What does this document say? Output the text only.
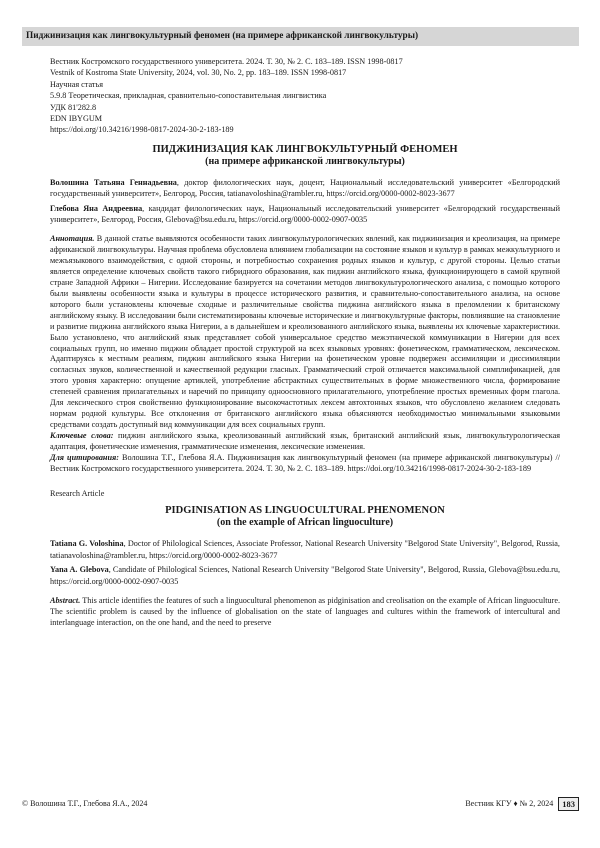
Пиджинизация как лингвокультурный феномен (на примере африканской лингвокультуры)
Вестник Костромского государственного университета. 2024. Т. 30, № 2. С. 183–189. ISSN 1998-0817
Vestnik of Kostroma State University, 2024, vol. 30, No. 2, pp. 183–189. ISSN 1998-0817
Научная статья
5.9.8 Теоретическая, прикладная, сравнительно-сопоставительная лингвистика
УДК 81'282.8
EDN IBYGUM
https://doi.org/10.34216/1998-0817-2024-30-2-183-189
ПИДЖИНИЗАЦИЯ КАК ЛИНГВОКУЛЬТУРНЫЙ ФЕНОМЕН
(на примере африканской лингвокультуры)
Волошина Татьяна Геннадьевна, доктор филологических наук, доцент, Национальный исследовательский университет «Белгородский государственный университет», Белгород, Россия, tatianavoloshina@rambler.ru, https://orcid.org/0000-0002-8023-3677
Глебова Яна Андреевна, кандидат филологических наук, Национальный исследовательский университет «Белгородский государственный университет», Белгород, Россия, Glebova@bsu.edu.ru, https://orcid.org/0000-0002-0907-0035
Аннотация. В данной статье выявляются особенности таких лингвокультурологических явлений, как пиджинизация и креолизация, на примере африканской лингвокультуры. Научная проблема обусловлена влиянием глобализации на состояние языков и культур в рамках межкультурного и межъязыкового взаимодействия, с одной стороны, и потребностью сохранения родных языков и культур, с другой стороны. Целью статьи является определение ключевых свойств такого гибридного образования, как пиджин английского языка, функционирующего в самой крупной стране Западной Африки – Нигерии. Исследование базируется на сочетании методов лингвокультурологического анализа, с помощью которого были выявлены особенности языка и культуры в процессе исторического развития, и сравнительно-сопоставительного анализа, на основе которого были установлены ключевые сходные и различительные свойства пиджина английского языка в преломлении к британскому английскому языку. В исследовании были систематизированы ключевые исторические и лингвокультурные факторы, повлиявшие на становление и развитие пиджина английского языка Нигерии, а в дальнейшем и креолизованного английского языка, выявлены их ключевые характеристики. Было установлено, что английский язык представляет собой универсальное средство межэтнической коммуникации в Нигерии для всех социальных групп, но именно пиджин обладает простой структурой на всех языковых уровнях: фонетическом, грамматическом, лексическом. Адаптируясь к местным реалиям, пиджин английского языка Нигерии на фонетическом уровне подвержен ассимиляции и диссимиляции согласных звуков, количественной и качественной редукции гласных. Грамматический строй отличается максимальной симплификацией, для этого уровня характерно: опущение артиклей, употребление абстрактных существительных в форме множественного числа, формирование степеней сравнения прилагательных и наречий по принципу одноосновного прилагательного, употребление простых временных форм глагола. Для лексического строя свойственно функционирование высокочастотных лексем автохтонных языков, что обусловлено желанием следовать нормам родной культуры. Все отклонения от британского английского языка объясняются необходимостью минимальными языковыми средствами создать доступный вид коммуникации для всех социальных групп.
Ключевые слова: пиджин английского языка, креолизованный английский язык, британский английский язык, лингвокультурологическая адаптация, фонетические изменения, грамматические изменения, лексические изменения.
Для цитирования: Волошина Т.Г., Глебова Я.А. Пиджинизация как лингвокультурный феномен (на примере африканской лингвокультуры) // Вестник Костромского государственного университета. 2024. Т. 30, № 2. С. 183–189. https://doi.org/10.34216/1998-0817-2024-30-2-183-189
Research Article
PIDGINISATION AS LINGUOCULTURAL PHENOMENON
(on the example of African linguoculture)
Tatiana G. Voloshina, Doctor of Philological Sciences, Associate Professor, National Research University "Belgorod State University", Belgorod, Russia, tatianavoloshina@rambler.ru, https://orcid.org/0000-0002-8023-3677
Yana A. Glebova, Candidate of Philological Sciences, National Research University "Belgorod State University", Belgorod, Russia, Glebova@bsu.edu.ru, https://orcid.org/0000-0002-0907-0035
Abstract. This article identifies the features of such a linguocultural phenomenon as pidginisation and creolisation on the example of African linguoculture. The scientific problem is caused by the influence of globalisation on the state of languages and cultures within the framework of intercultural and interlanguage interaction, on the one hand, and the need to preserve
© Волошина Т.Г., Глебова Я.А., 2024	Вестник КГУ ♦ № 2, 2024	183
